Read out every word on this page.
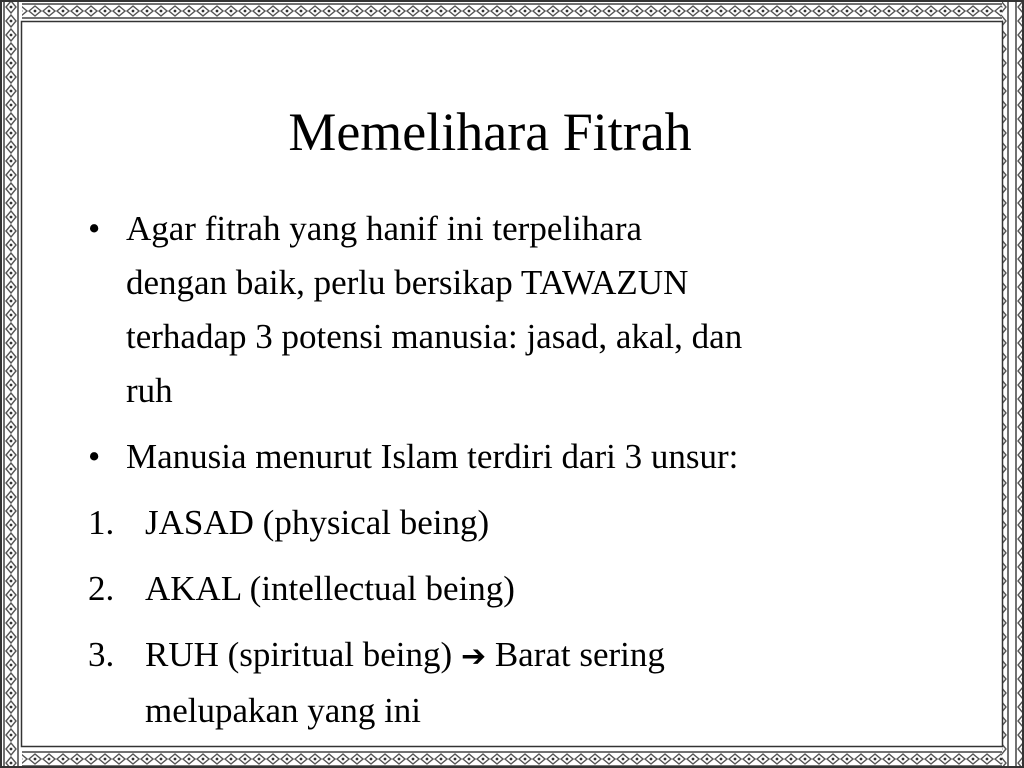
Memelihara Fitrah
• Agar fitrah yang hanif ini terpelihara
dengan baik, perlu bersikap TAWAZUN
terhadap 3 potensi manusia: jasad, akal, dan
ruh
• Manusia menurut Islam terdiri dari 3 unsur:
1. JASAD (physical being)
2. AKAL (intellectual being)
3. RUH (spiritual being) ➔ Barat sering
melupakan yang ini
